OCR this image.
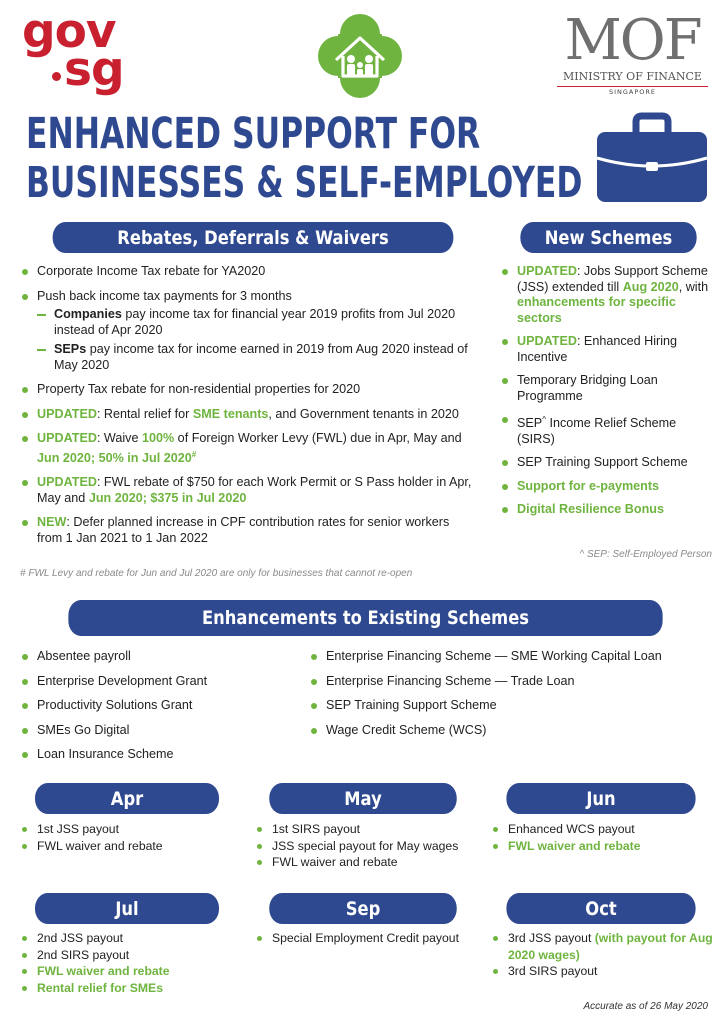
gov
sg	MOF
MINISTRY OF FINANCE
SINGAPORE
ENHANCED SUPPORT FOR
BUSINESSES & SELF-EMPLOYED
Rebates, Deferrals & Waivers	New Schemes
Corporate Income Tax rebate for YA2020
Push back income tax payments for 3 months
Companies pay income tax for financial year 2019 profits from Jul 2020 instead of Apr 2020
SEPs pay income tax for income earned in 2019 from Aug 2020 instead of May 2020
Property Tax rebate for non-residential properties for 2020
UPDATED: Rental relief for SME tenants, and Government tenants in 2020
UPDATED: Waive 100% of Foreign Worker Levy (FWL) due in Apr, May and Jun 2020; 50% in Jul 2020#
UPDATED: FWL rebate of $750 for each Work Permit or S Pass holder in Apr, May and Jun 2020; $375 in Jul 2020
NEW: Defer planned increase in CPF contribution rates for senior workers from 1 Jan 2021 to 1 Jan 2022
# FWL Levy and rebate for Jun and Jul 2020 are only for businesses that cannot re-open
UPDATED: Jobs Support Scheme (JSS) extended till Aug 2020, with enhancements for specific sectors
UPDATED: Enhanced Hiring Incentive
Temporary Bridging Loan Programme
SEP^ Income Relief Scheme (SIRS)
SEP Training Support Scheme
Support for e-payments
Digital Resilience Bonus
^ SEP: Self-Employed Person
Enhancements to Existing Schemes
Absentee payroll
Enterprise Development Grant
Productivity Solutions Grant
SMEs Go Digital
Loan Insurance Scheme
Enterprise Financing Scheme — SME Working Capital Loan
Enterprise Financing Scheme — Trade Loan
SEP Training Support Scheme
Wage Credit Scheme (WCS)
Apr	May	Jun
Jul	Sep	Oct
1st JSS payout
FWL waiver and rebate
1st SIRS payout
JSS special payout for May wages
FWL waiver and rebate
Enhanced WCS payout
FWL waiver and rebate
2nd JSS payout
2nd SIRS payout
FWL waiver and rebate
Rental relief for SMEs
Special Employment Credit payout	3rd JSS payout (with payout for Aug 2020 wages)
3rd SIRS payout
Accurate as of 26 May 2020
